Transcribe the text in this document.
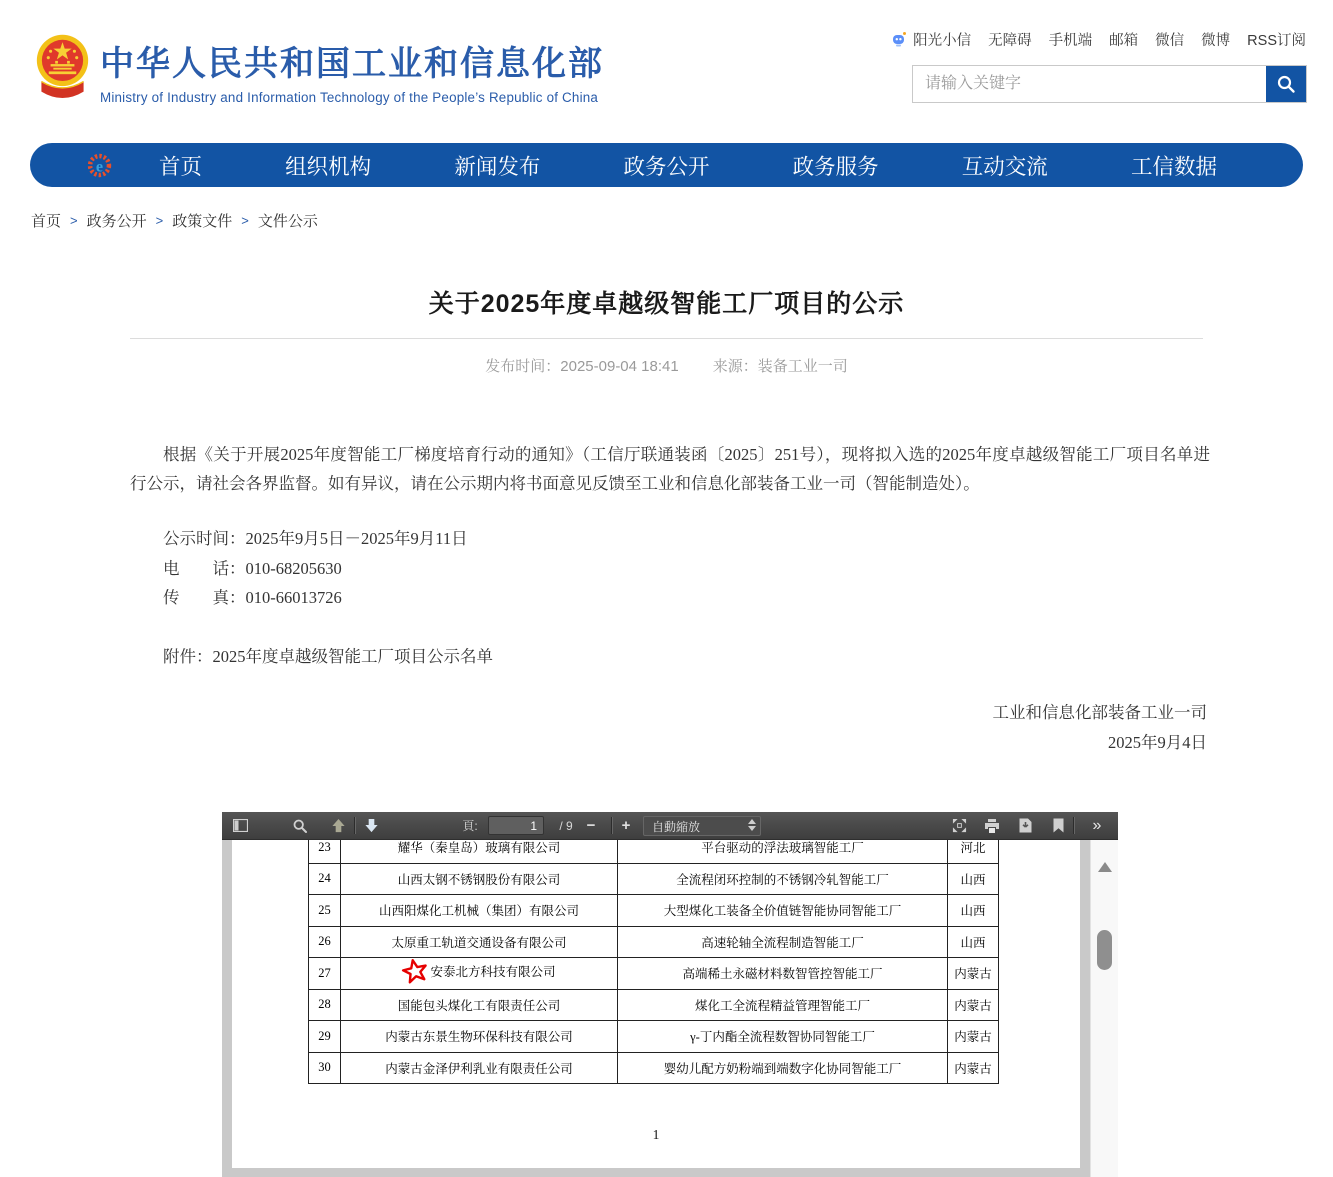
中华人民共和国工业和信息化部
Ministry of Industry and Information Technology of the People’s Republic of China
阳光小信 无障碍 手机端 邮箱 微信 微博 RSS订阅
请输入关键字
e	首页	组织机构	新闻发布	政务公开	政务服务	互动交流	工信数据
首页 > 政务公开 > 政策文件 > 文件公示
关于2025年度卓越级智能工厂项目的公示
发布时间：2025-09-04 18:41 来源：装备工业一司

根据《关于开展2025年度智能工厂梯度培育行动的通知》（工信厅联通装函〔2025〕251号），现将拟入选的2025年度卓越级智能工厂项目名单进行公示，请社会各界监督。如有异议，请在公示期内将书面意见反馈至工业和信息化部装备工业一司（智能制造处）。

公示时间：2025年9月5日－2025年9月11日
电　　话：010-68205630
传　　真：010-66013726
附件：2025年度卓越级智能工厂项目公示名单
工业和信息化部装备工业一司
2025年9月4日
頁:
1	/ 9 −	+	自動縮放	»
23	耀华（秦皇岛）玻璃有限公司	平台驱动的浮法玻璃智能工厂	河北
24	山西太钢不锈钢股份有限公司	全流程闭环控制的不锈钢冷轧智能工厂	山西
25	山西阳煤化工机械（集团）有限公司	大型煤化工装备全价值链智能协同智能工厂	山西
26	太原重工轨道交通设备有限公司	高速轮轴全流程制造智能工厂	山西
27	安泰北方科技有限公司	高端稀土永磁材料数智管控智能工厂	内蒙古
28	国能包头煤化工有限责任公司	煤化工全流程精益管理智能工厂	内蒙古
29	内蒙古东景生物环保科技有限公司	γ-丁内酯全流程数智协同智能工厂	内蒙古
30	内蒙古金泽伊利乳业有限责任公司	婴幼儿配方奶粉端到端数字化协同智能工厂	内蒙古
1
